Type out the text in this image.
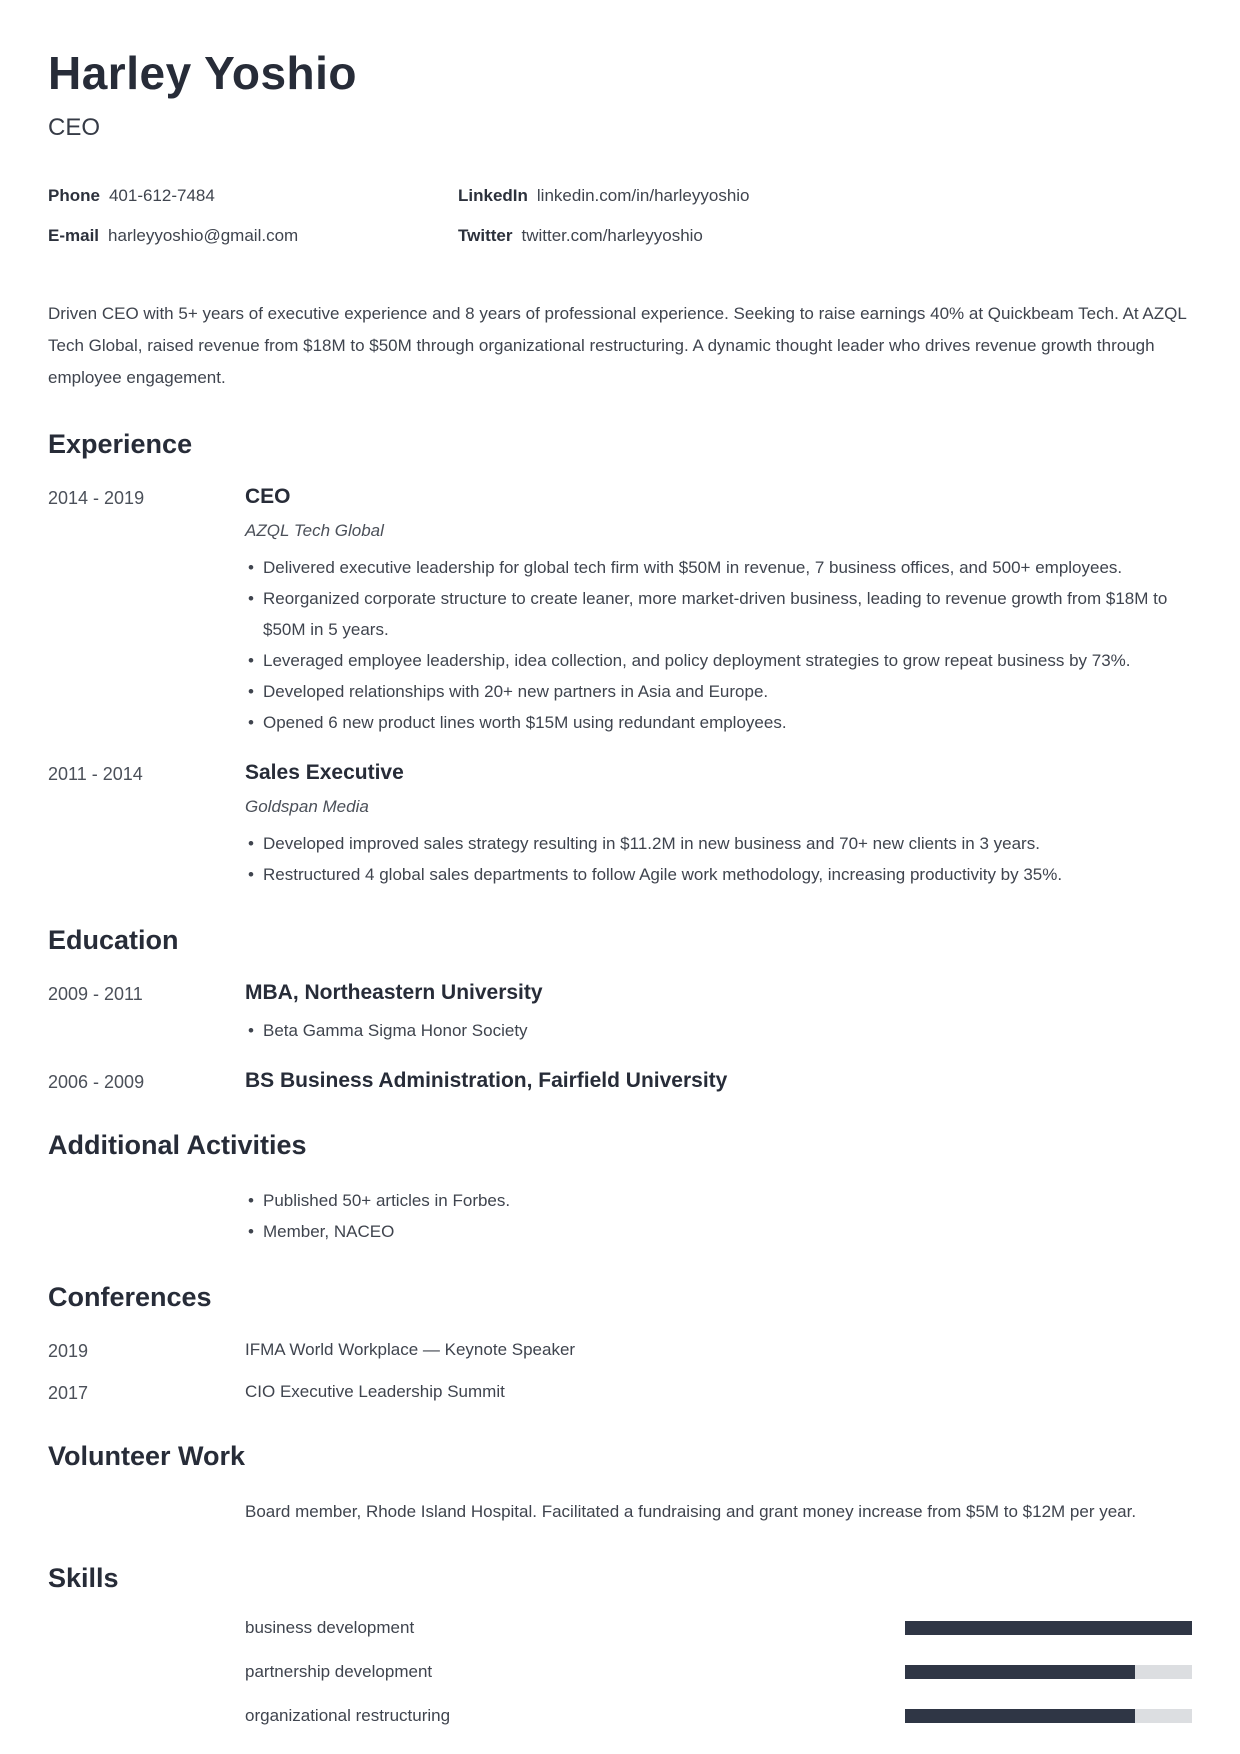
Harley Yoshio
CEO
Phone 401-612-7484
E-mail harleyyoshio@gmail.com
LinkedIn linkedin.com/in/harleyyoshio
Twitter twitter.com/harleyyoshio

Driven CEO with 5+ years of executive experience and 8 years of professional experience. Seeking to raise earnings 40% at Quickbeam Tech. At AZQL Tech Global, raised revenue from $18M to $50M through organizational restructuring. A dynamic thought leader who drives revenue growth through employee engagement.

Experience
2014 - 2019	CEO
AZQL Tech Global
• Delivered executive leadership for global tech firm with $50M in revenue, 7 business offices, and 500+ employees.
• Reorganized corporate structure to create leaner, more market-driven business, leading to revenue growth from $18M to $50M in 5 years.
• Leveraged employee leadership, idea collection, and policy deployment strategies to grow repeat business by 73%.
• Developed relationships with 20+ new partners in Asia and Europe.
• Opened 6 new product lines worth $15M using redundant employees.
2011 - 2014	Sales Executive
Goldspan Media
• Developed improved sales strategy resulting in $11.2M in new business and 70+ new clients in 3 years.
• Restructured 4 global sales departments to follow Agile work methodology, increasing productivity by 35%.
Education
2009 - 2011	MBA, Northeastern University
• Beta Gamma Sigma Honor Society
2006 - 2009	BS Business Administration, Fairfield University
Additional Activities
• Published 50+ articles in Forbes.
• Member, NACEO
Conferences
2019	IFMA World Workplace — Keynote Speaker
2017	CIO Executive Leadership Summit
Volunteer Work

Board member, Rhode Island Hospital. Facilitated a fundraising and grant money increase from $5M to $12M per year.

Skills
business development
partnership development
organizational restructuring
